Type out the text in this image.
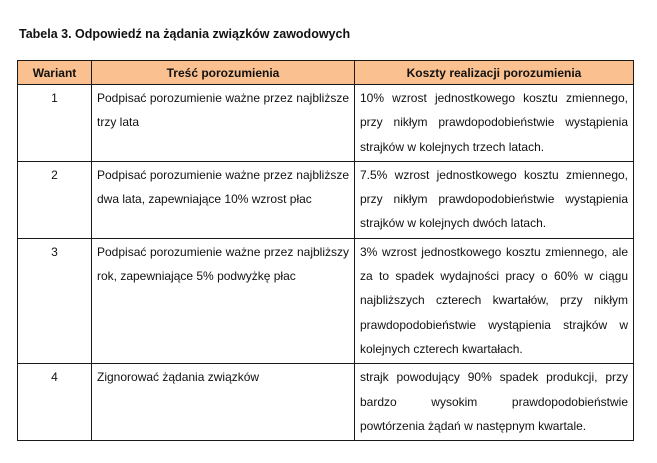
Tabela 3. Odpowiedź na żądania związków zawodowych
Wariant	Treść porozumienia	Koszty realizacji porozumienia
1	Podpisać porozumienie ważne przez najbliższe trzy lata	10% wzrost jednostkowego kosztu zmiennego, przy nikłym prawdopodobieństwie wystąpienia strajków w kolejnych trzech latach.
2	Podpisać porozumienie ważne przez najbliższe dwa lata, zapewniające 10% wzrost płac	7.5% wzrost jednostkowego kosztu zmiennego, przy nikłym prawdopodobieństwie wystąpienia strajków w kolejnych dwóch latach.
3	Podpisać porozumienie ważne przez najbliższy rok, zapewniające 5% podwyżkę płac	3% wzrost jednostkowego kosztu zmiennego, ale za to spadek wydajności pracy o 60% w ciągu najbliższych czterech kwartałów, przy nikłym prawdopodobieństwie wystąpienia strajków w kolejnych czterech kwartałach.
4	Zignorować żądania związków	strajk powodujący 90% spadek produkcji, przy bardzo wysokim prawdopodobieństwie powtórzenia żądań w następnym kwartale.
